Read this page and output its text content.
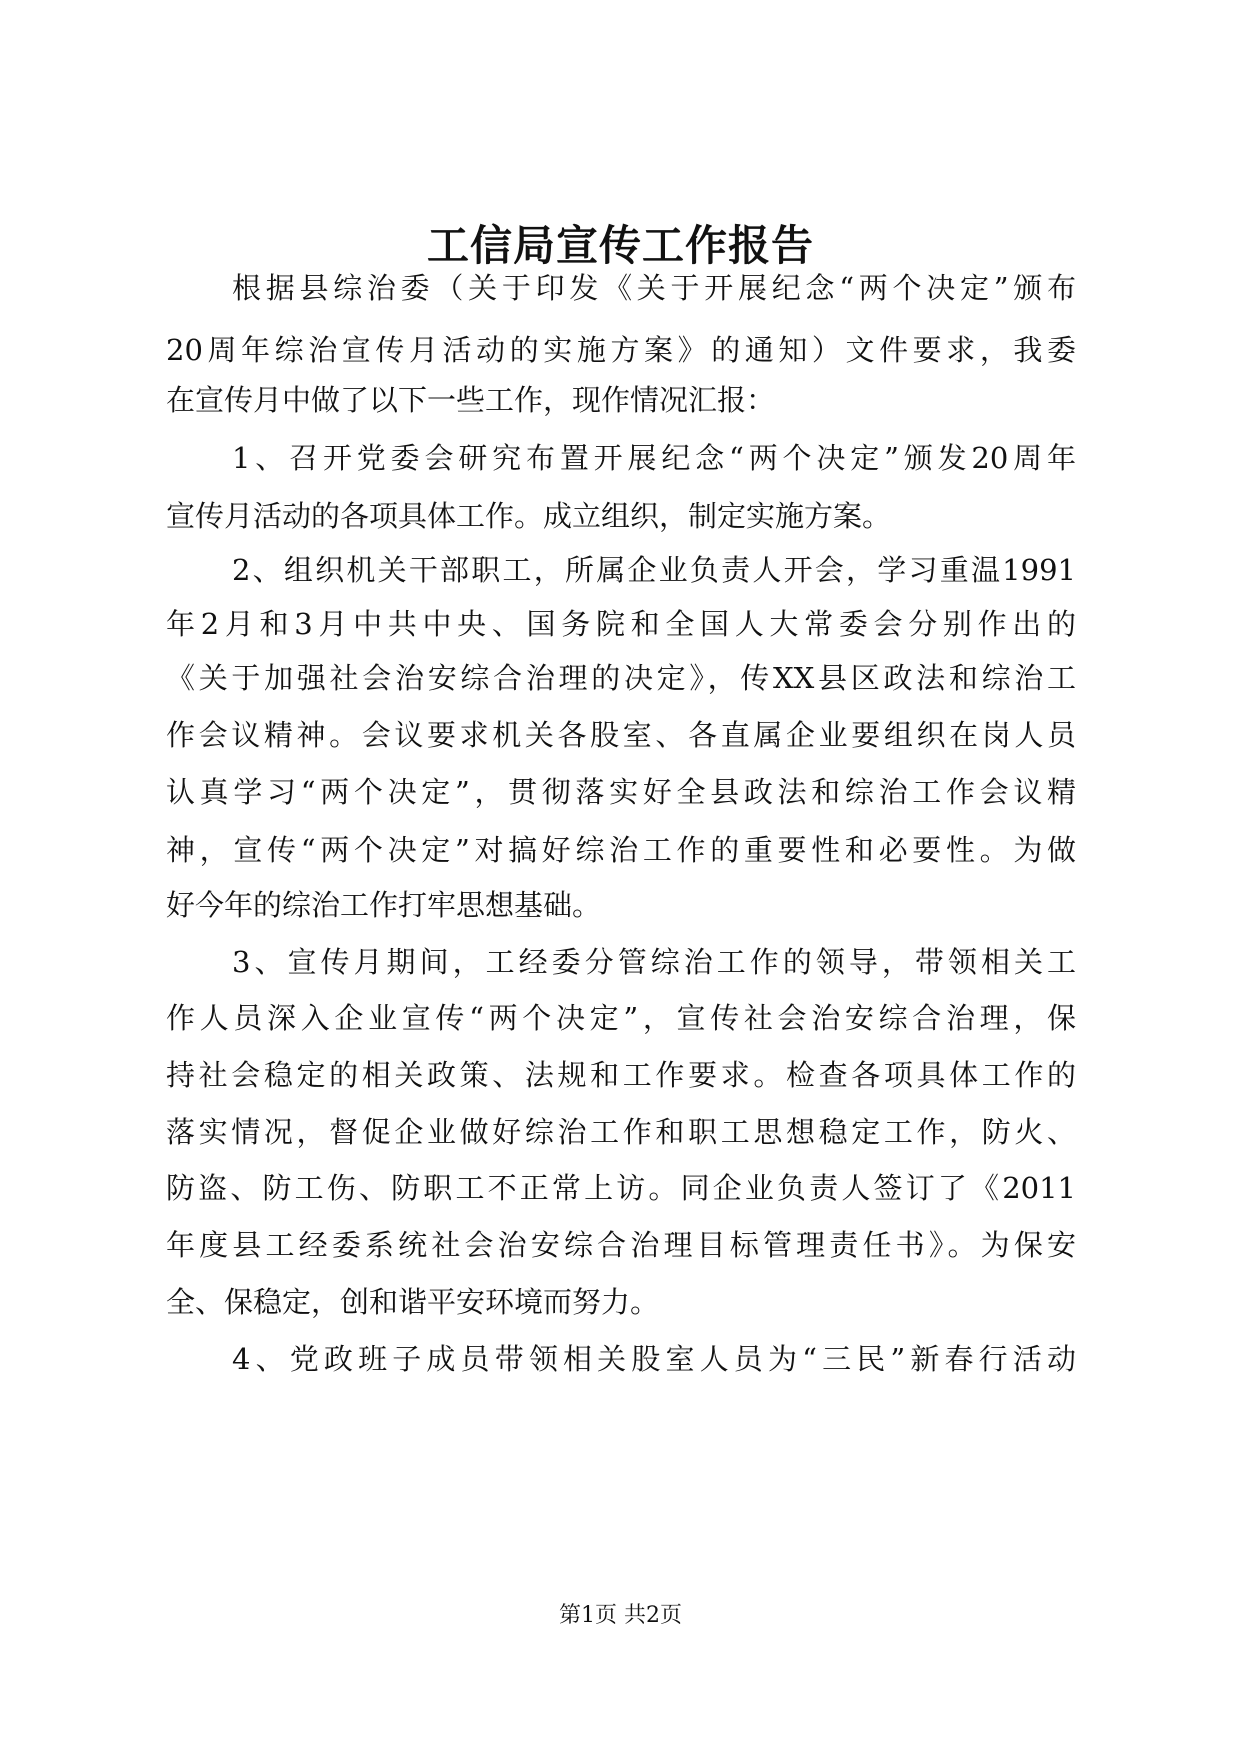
工信局宣传工作报告
根据县综治委（关于印发《关于开展纪念“两个决定”颁布
20周年综治宣传月活动的实施方案》的通知）文件要求，我委
在宣传月中做了以下一些工作，现作情况汇报：
1、召开党委会研究布置开展纪念“两个决定”颁发20周年
宣传月活动的各项具体工作。成立组织，制定实施方案。
2、组织机关干部职工，所属企业负责人开会，学习重温1991
年2月和3月中共中央、国务院和全国人大常委会分别作出的
《关于加强社会治安综合治理的决定》，传XX县区政法和综治工
作会议精神。会议要求机关各股室、各直属企业要组织在岗人员
认真学习“两个决定”，贯彻落实好全县政法和综治工作会议精
神，宣传“两个决定”对搞好综治工作的重要性和必要性。为做
好今年的综治工作打牢思想基础。
3、宣传月期间，工经委分管综治工作的领导，带领相关工
作人员深入企业宣传“两个决定”，宣传社会治安综合治理，保
持社会稳定的相关政策、法规和工作要求。检查各项具体工作的
落实情况，督促企业做好综治工作和职工思想稳定工作，防火、
防盗、防工伤、防职工不正常上访。同企业负责人签订了《2011
年度县工经委系统社会治安综合治理目标管理责任书》。为保安
全、保稳定，创和谐平安环境而努力。
4、党政班子成员带领相关股室人员为“三民”新春行活动
第1页 共2页
